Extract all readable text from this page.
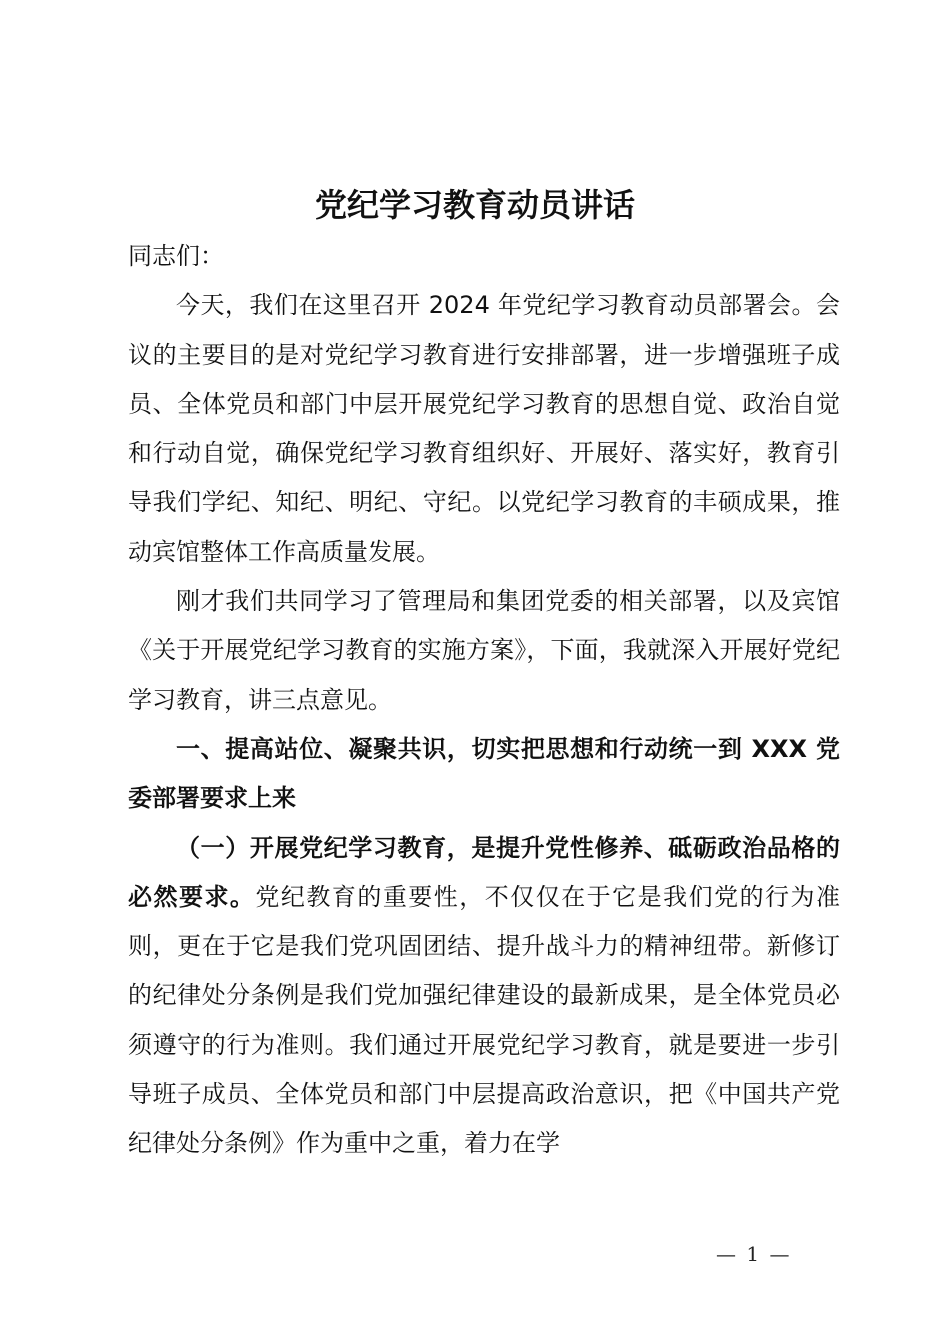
党纪学习教育动员讲话

同志们：

今天，我们在这里召开 2024 年党纪学习教育动员部署会。会议的主要目的是对党纪学习教育进行安排部署，进一步增强班子成员、全体党员和部门中层开展党纪学习教育的思想自觉、政治自觉和行动自觉，确保党纪学习教育组织好、开展好、落实好，教育引导我们学纪、知纪、明纪、守纪。以党纪学习教育的丰硕成果，推动宾馆整体工作高质量发展。

刚才我们共同学习了管理局和集团党委的相关部署，以及宾馆《关于开展党纪学习教育的实施方案》，下面，我就深入开展好党纪学习教育，讲三点意见。

一、提高站位、凝聚共识，切实把思想和行动统一到 XXX 党委部署要求上来

（一）开展党纪学习教育，是提升党性修养、砥砺政治品格的必然要求。党纪教育的重要性，不仅仅在于它是我们党的行为准则，更在于它是我们党巩固团结、提升战斗力的精神纽带。新修订的纪律处分条例是我们党加强纪律建设的最新成果，是全体党员必须遵守的行为准则。我们通过开展党纪学习教育，就是要进一步引导班子成员、全体党员和部门中层提高政治意识，把《中国共产党纪律处分条例》作为重中之重，着力在学

— 1 —
